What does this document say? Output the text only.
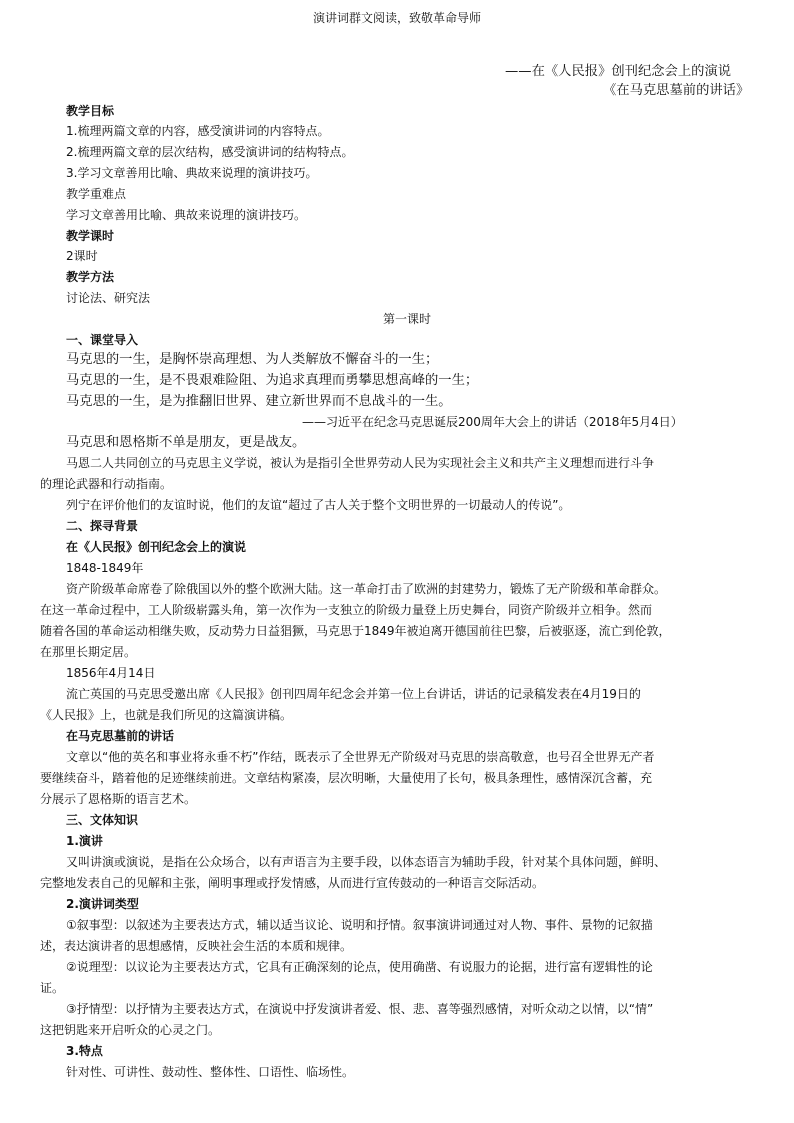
演讲词群文阅读，致敬革命导师
——在《人民报》创刊纪念会上的演说
《在马克思墓前的讲话》
教学目标
1.梳理两篇文章的内容，感受演讲词的内容特点。
2.梳理两篇文章的层次结构，感受演讲词的结构特点。
3.学习文章善用比喻、典故来说理的演讲技巧。
教学重难点
学习文章善用比喻、典故来说理的演讲技巧。
教学课时
2课时
教学方法
讨论法、研究法
第一课时
一、课堂导入
马克思的一生，是胸怀崇高理想、为人类解放不懈奋斗的一生；
马克思的一生，是不畏艰难险阻、为追求真理而勇攀思想高峰的一生；
马克思的一生，是为推翻旧世界、建立新世界而不息战斗的一生。
——习近平在纪念马克思诞辰200周年大会上的讲话（2018年5月4日）
马克思和恩格斯不单是朋友，更是战友。
马恩二人共同创立的马克思主义学说，被认为是指引全世界劳动人民为实现社会主义和共产主义理想而进行斗争
的理论武器和行动指南。
列宁在评价他们的友谊时说，他们的友谊“超过了古人关于整个文明世界的一切最动人的传说”。
二、探寻背景
在《人民报》创刊纪念会上的演说
1848-1849年
资产阶级革命席卷了除俄国以外的整个欧洲大陆。这一革命打击了欧洲的封建势力，锻炼了无产阶级和革命群众。
在这一革命过程中，工人阶级崭露头角，第一次作为一支独立的阶级力量登上历史舞台，同资产阶级并立相争。然而
随着各国的革命运动相继失败，反动势力日益猖獗，马克思于1849年被迫离开德国前往巴黎，后被驱逐，流亡到伦敦，
在那里长期定居。
1856年4月14日
流亡英国的马克思受邀出席《人民报》创刊四周年纪念会并第一位上台讲话，讲话的记录稿发表在4月19日的
《人民报》上，也就是我们所见的这篇演讲稿。
在马克思墓前的讲话
文章以“他的英名和事业将永垂不朽”作结，既表示了全世界无产阶级对马克思的崇高敬意，也号召全世界无产者
要继续奋斗，踏着他的足迹继续前进。文章结构紧凑，层次明晰，大量使用了长句，极具条理性，感情深沉含蓄，充
分展示了恩格斯的语言艺术。
三、文体知识
1.演讲
又叫讲演或演说，是指在公众场合，以有声语言为主要手段，以体态语言为辅助手段，针对某个具体问题，鲜明、
完整地发表自己的见解和主张，阐明事理或抒发情感，从而进行宣传鼓动的一种语言交际活动。
2.演讲词类型
①叙事型：以叙述为主要表达方式，辅以适当议论、说明和抒情。叙事演讲词通过对人物、事件、景物的记叙描
述，表达演讲者的思想感情，反映社会生活的本质和规律。
②说理型：以议论为主要表达方式，它具有正确深刻的论点，使用确凿、有说服力的论据，进行富有逻辑性的论
证。
③抒情型：以抒情为主要表达方式，在演说中抒发演讲者爱、恨、悲、喜等强烈感情，对听众动之以情，以“情”
这把钥匙来开启听众的心灵之门。
3.特点
针对性、可讲性、鼓动性、整体性、口语性、临场性。
